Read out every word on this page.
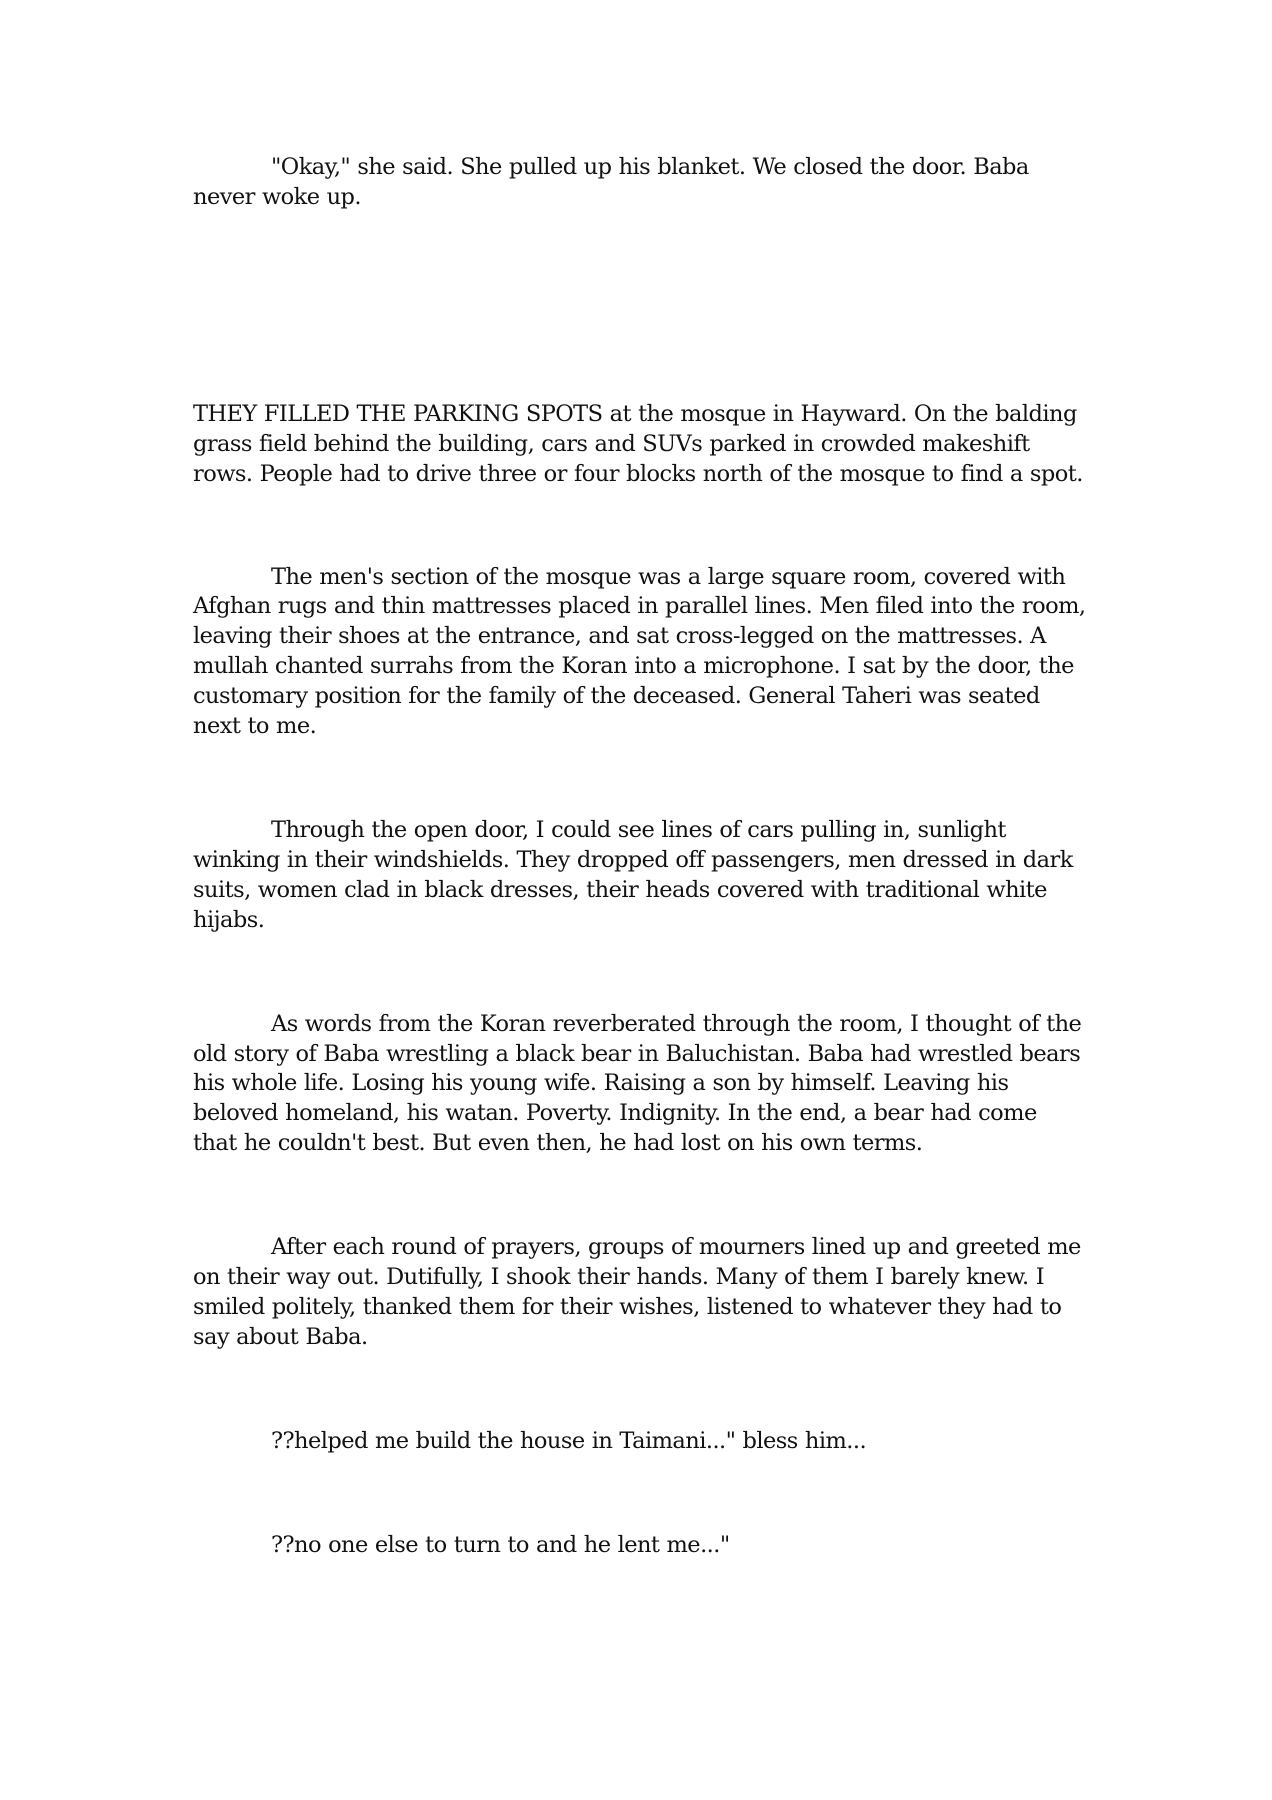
"Okay," she said. She pulled up his blanket. We closed the door. Baba never woke up.

THEY FILLED THE PARKING SPOTS at the mosque in Hayward. On the balding grass field behind the building, cars and SUVs parked in crowded makeshift rows. People had to drive three or four blocks north of the mosque to find a spot.

The men's section of the mosque was a large square room, covered with Afghan rugs and thin mattresses placed in parallel lines. Men filed into the room, leaving their shoes at the entrance, and sat cross-legged on the mattresses. A mullah chanted surrahs from the Koran into a microphone. I sat by the door, the customary position for the family of the deceased. General Taheri was seated next to me.

Through the open door, I could see lines of cars pulling in, sunlight winking in their windshields. They dropped off passengers, men dressed in dark suits, women clad in black dresses, their heads covered with traditional white hijabs.

As words from the Koran reverberated through the room, I thought of the old story of Baba wrestling a black bear in Baluchistan. Baba had wrestled bears his whole life. Losing his young wife. Raising a son by himself. Leaving his beloved homeland, his watan. Poverty. Indignity. In the end, a bear had come that he couldn't best. But even then, he had lost on his own terms.

After each round of prayers, groups of mourners lined up and greeted me on their way out. Dutifully, I shook their hands. Many of them I barely knew. I smiled politely, thanked them for their wishes, listened to whatever they had to say about Baba.

??helped me build the house in Taimani..." bless him...

??no one else to turn to and he lent me..."
